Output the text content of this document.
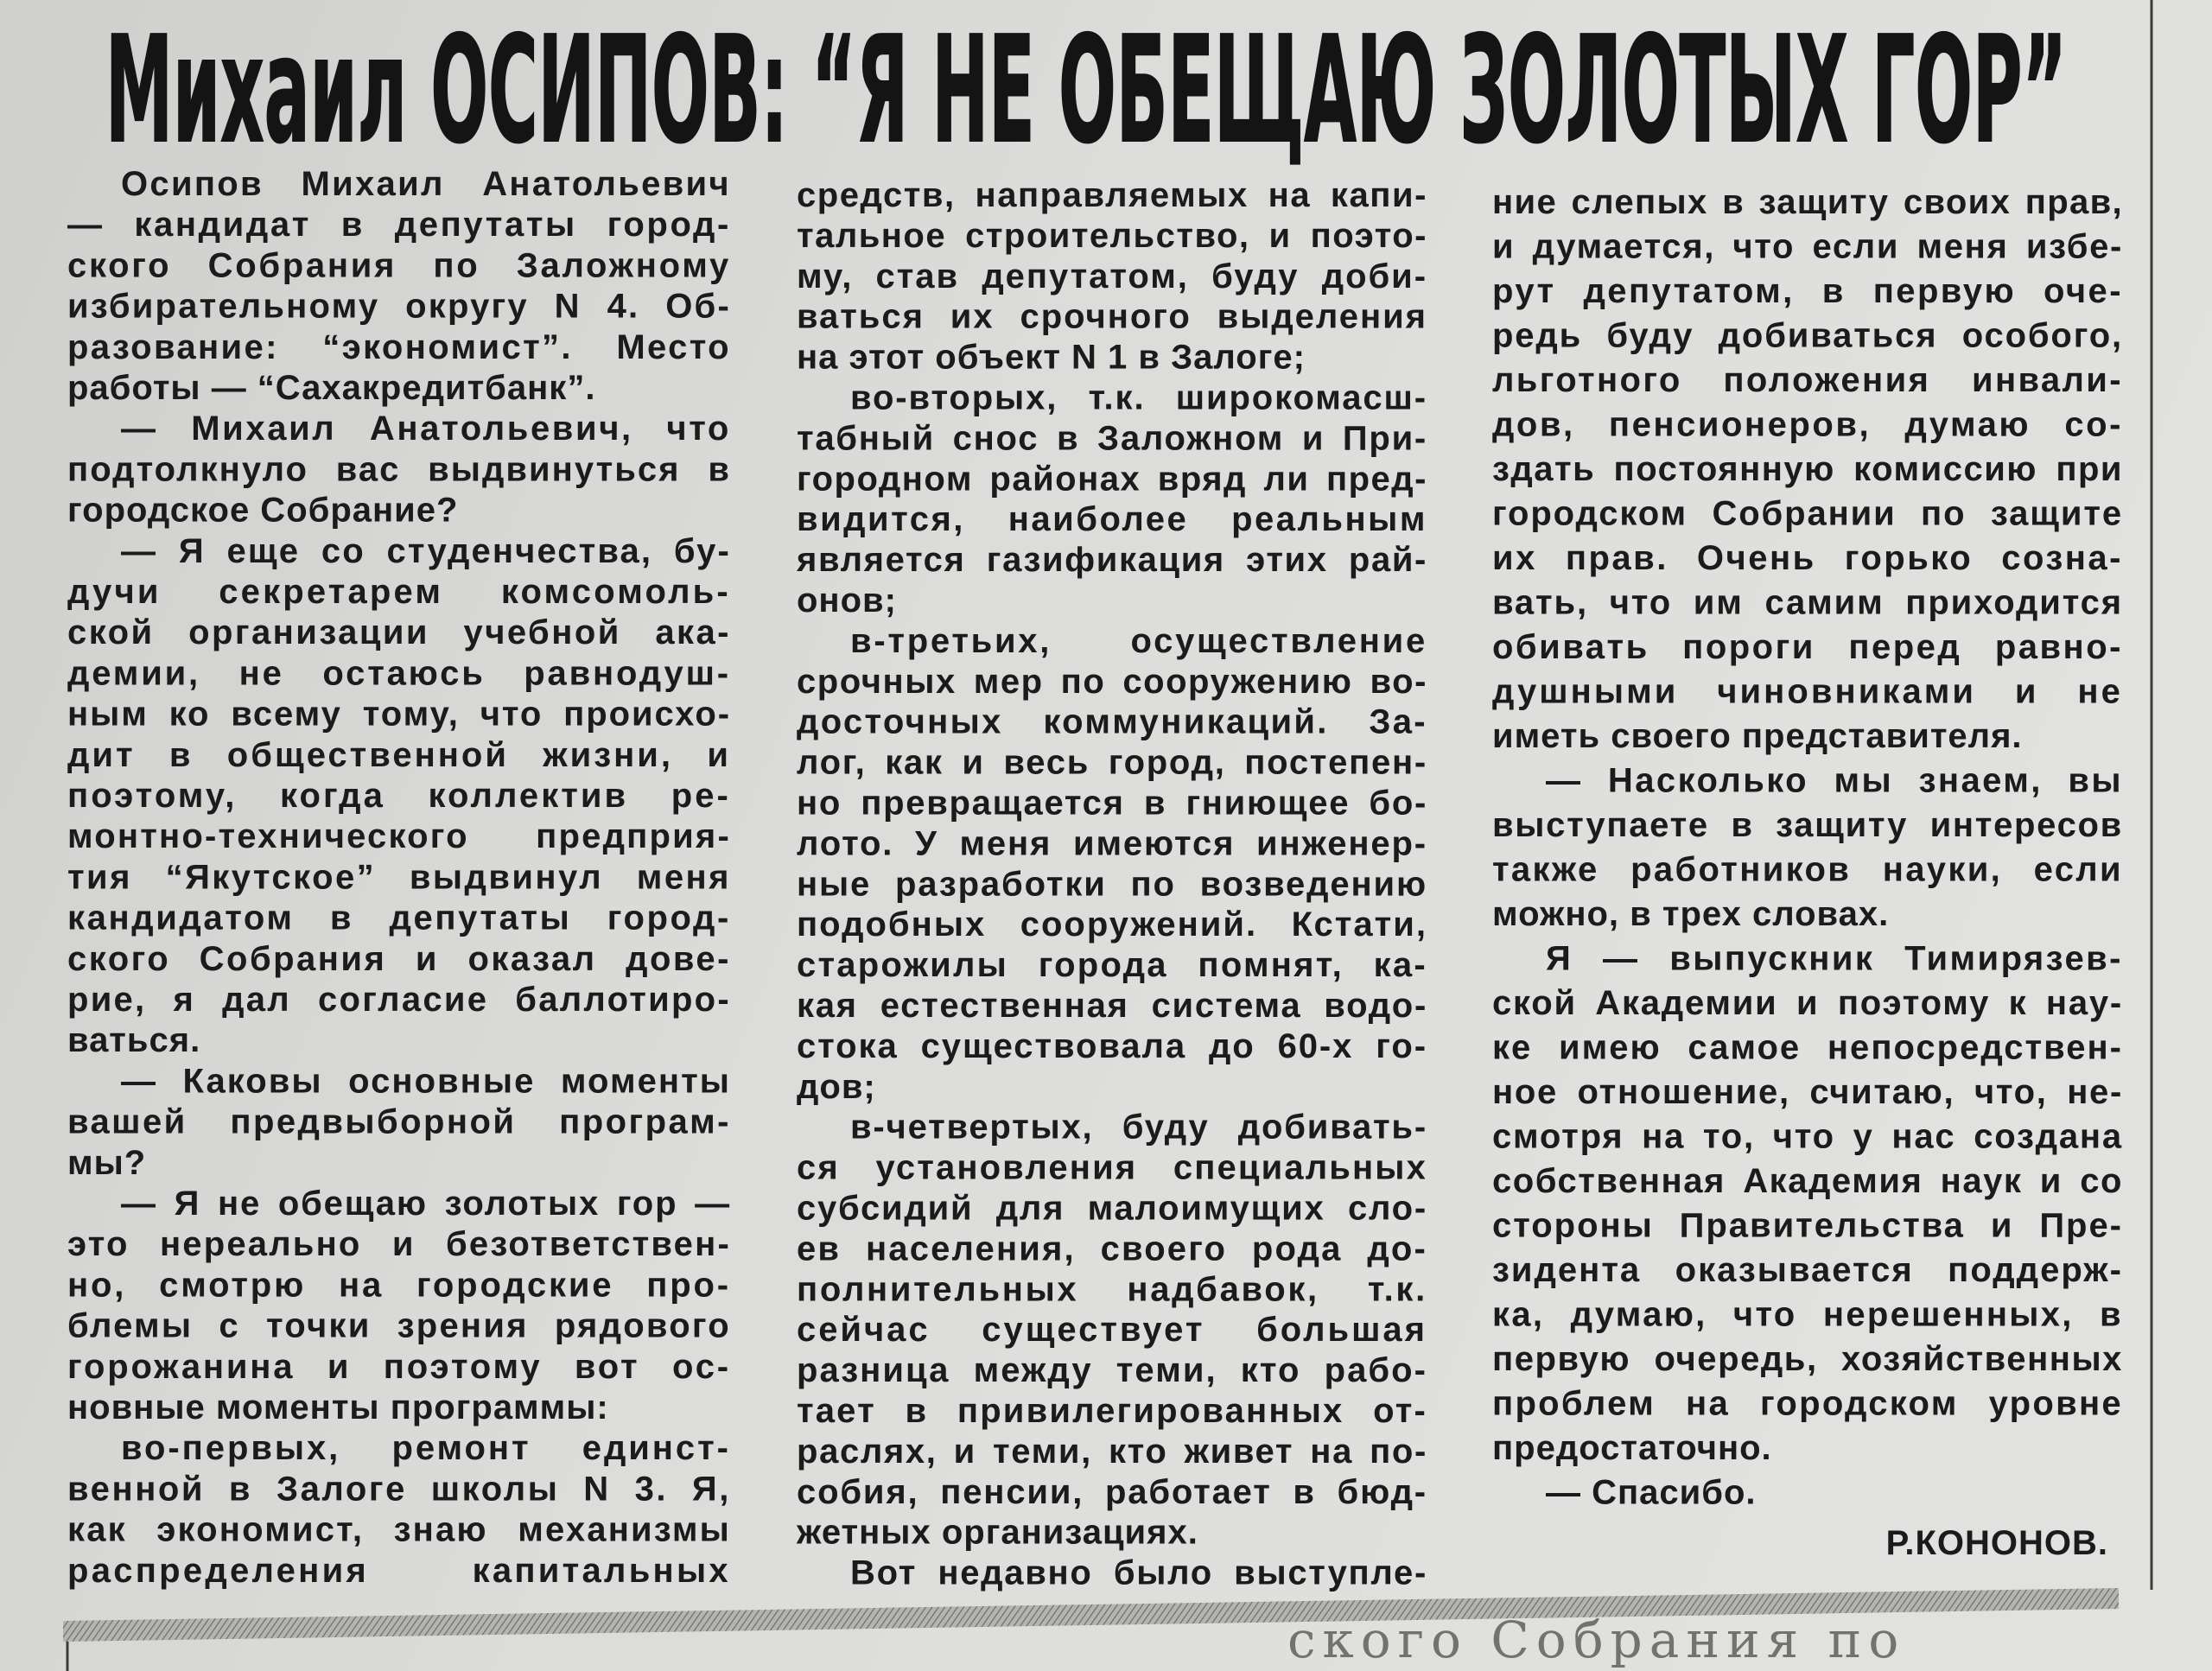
Михаил ОСИПОВ: “Я НЕ ОБЕЩАЮ ЗОЛОТЫХ ГОР”
Осипов Михаил Анатольевич
— кандидат в депутаты город-
ского Собрания по Заложному
избирательному округу N 4. Об-
разование: “экономист”. Место
работы — “Сахакредитбанк”.
— Михаил Анатольевич, что
подтолкнуло вас выдвинуться в
городское Собрание?
— Я еще со студенчества, бу-
дучи секретарем комсомоль-
ской организации учебной ака-
демии, не остаюсь равнодуш-
ным ко всему тому, что происхо-
дит в общественной жизни, и
поэтому, когда коллектив ре-
монтно-технического предприя-
тия “Якутское” выдвинул меня
кандидатом в депутаты город-
ского Собрания и оказал дове-
рие, я дал согласие баллотиро-
ваться.
— Каковы основные моменты
вашей предвыборной програм-
мы?
— Я не обещаю золотых гор —
это нереально и безответствен-
но, смотрю на городские про-
блемы с точки зрения рядового
горожанина и поэтому вот ос-
новные моменты программы:
во-первых, ремонт единст-
венной в Залоге школы N 3. Я,
как экономист, знаю механизмы
распределения капитальных
средств, направляемых на капи-
тальное строительство, и поэто-
му, став депутатом, буду доби-
ваться их срочного выделения
на этот объект N 1 в Залоге;
во-вторых, т.к. широкомасш-
табный снос в Заложном и При-
городном районах вряд ли пред-
видится, наиболее реальным
является газификация этих рай-
онов;
в-третьих, осуществление
срочных мер по сооружению во-
досточных коммуникаций. За-
лог, как и весь город, постепен-
но превращается в гниющее бо-
лото. У меня имеются инженер-
ные разработки по возведению
подобных сооружений. Кстати,
старожилы города помнят, ка-
кая естественная система водо-
стока существовала до 60-х го-
дов;
в-четвертых, буду добивать-
ся установления специальных
субсидий для малоимущих сло-
ев населения, своего рода до-
полнительных надбавок, т.к.
сейчас существует большая
разница между теми, кто рабо-
тает в привилегированных от-
раслях, и теми, кто живет на по-
собия, пенсии, работает в бюд-
жетных организациях.
Вот недавно было выступле-
ние слепых в защиту своих прав,
и думается, что если меня избе-
рут депутатом, в первую оче-
редь буду добиваться особого,
льготного положения инвали-
дов, пенсионеров, думаю со-
здать постоянную комиссию при
городском Собрании по защите
их прав. Очень горько созна-
вать, что им самим приходится
обивать пороги перед равно-
душными чиновниками и не
иметь своего представителя.
— Насколько мы знаем, вы
выступаете в защиту интересов
также работников науки, если
можно, в трех словах.
Я — выпускник Тимирязев-
ской Академии и поэтому к нау-
ке имею самое непосредствен-
ное отношение, считаю, что, не-
смотря на то, что у нас создана
собственная Академия наук и со
стороны Правительства и Пре-
зидента оказывается поддерж-
ка, думаю, что нерешенных, в
первую очередь, хозяйственных
проблем на городском уровне
предостаточно.
— Спасибо.
Р.КОНОНОВ.
ского Собрания по
